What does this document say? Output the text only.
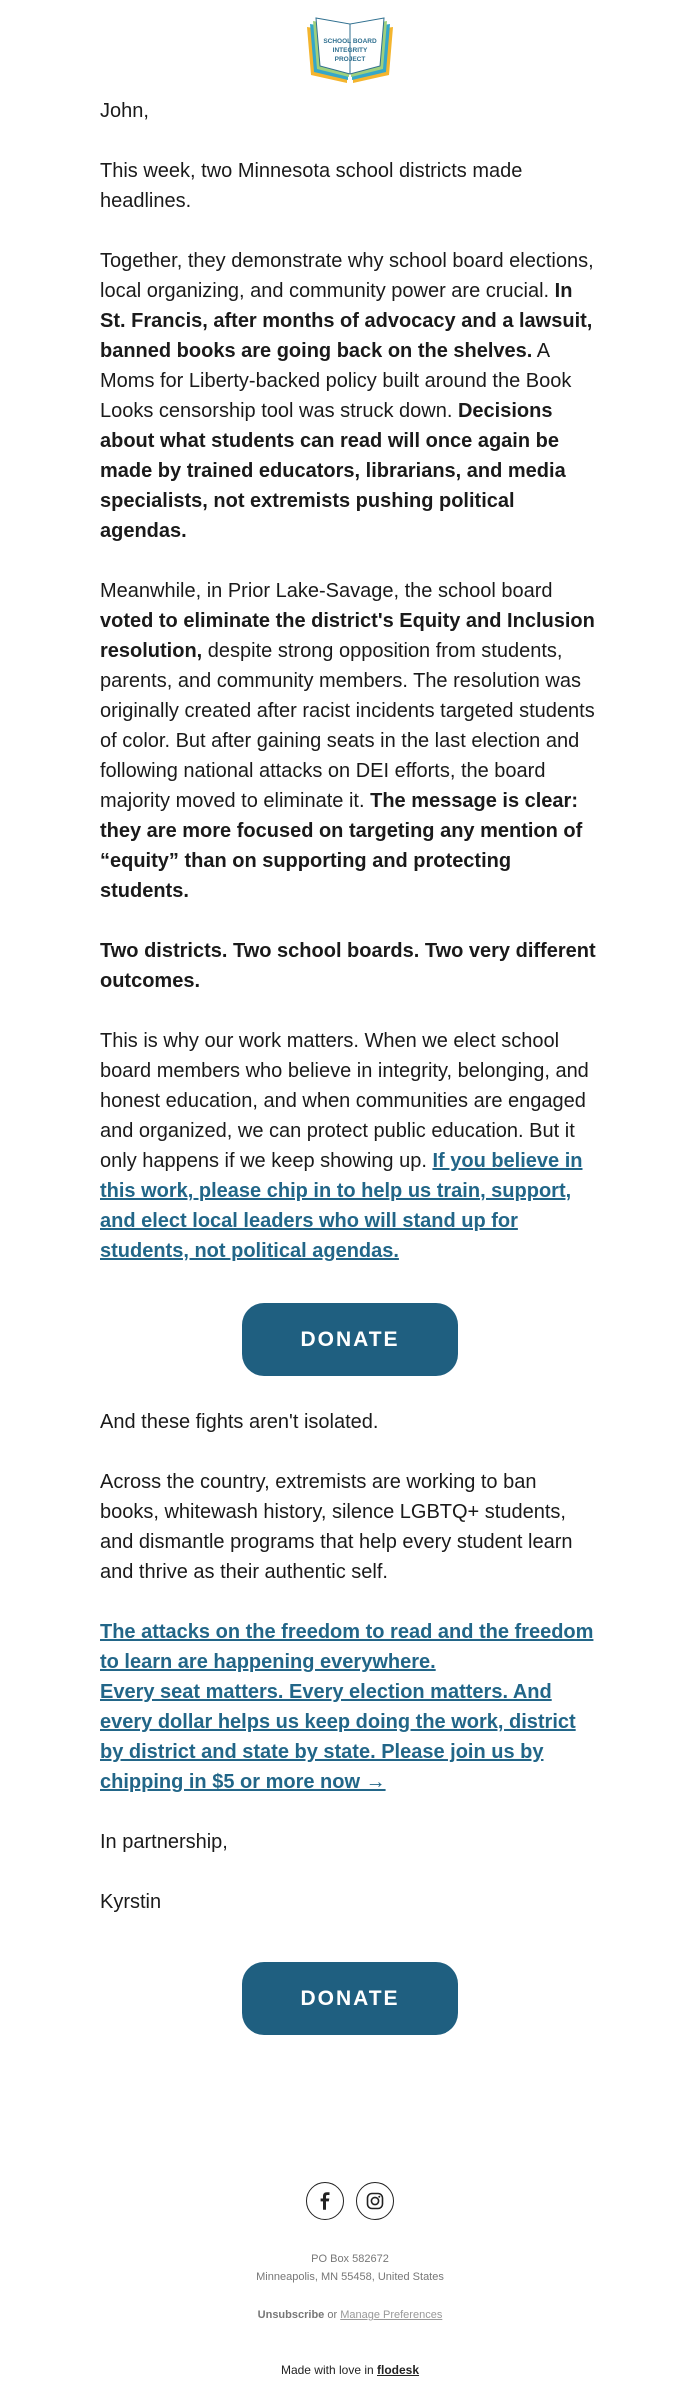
SCHOOL BOARD
INTEGRITY
PROJECT

John,

This week, two Minnesota school districts made headlines.

Together, they demonstrate why school board elections, local organizing, and community power are crucial. In St. Francis, after months of advocacy and a lawsuit, banned books are going back on the shelves. A Moms for Liberty-backed policy built around the Book Looks censorship tool was struck down. Decisions about what students can read will once again be made by trained educators, librarians, and media specialists, not extremists pushing political agendas.

Meanwhile, in Prior Lake-Savage, the school board voted to eliminate the district's Equity and Inclusion resolution, despite strong opposition from students, parents, and community members. The resolution was originally created after racist incidents targeted students of color. But after gaining seats in the last election and following national attacks on DEI efforts, the board majority moved to eliminate it. The message is clear: they are more focused on targeting any mention of “equity” than on supporting and protecting students.

Two districts. Two school boards. Two very different outcomes.

This is why our work matters. When we elect school board members who believe in integrity, belonging, and honest education, and when communities are engaged and organized, we can protect public education. But it only happens if we keep showing up. If you believe in this work, please chip in to help us train, support, and elect local leaders who will stand up for students, not political agendas.

DONATE

And these fights aren't isolated.

Across the country, extremists are working to ban books, whitewash history, silence LGBTQ+ students, and dismantle programs that help every student learn and thrive as their authentic self.

The attacks on the freedom to read and the freedom to learn are happening everywhere.

Every seat matters. Every election matters. And every dollar helps us keep doing the work, district by district and state by state. Please join us by chipping in $5 or more now →

In partnership,

Kyrstin

DONATE
PO Box 582672
Minneapolis, MN 55458, United States
Unsubscribe or Manage Preferences
Made with love in flodesk
